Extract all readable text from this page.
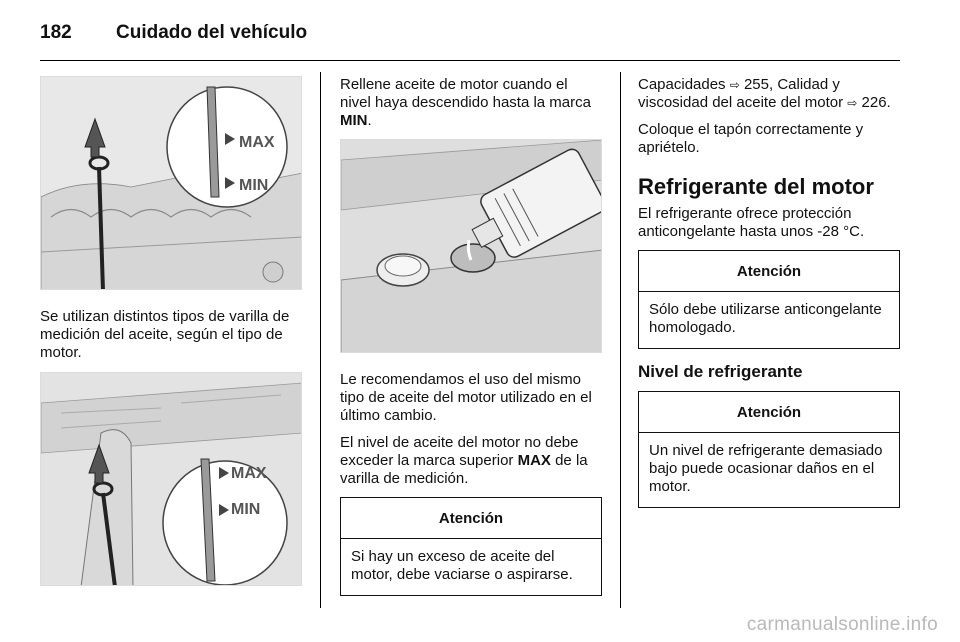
182 Cuidado del vehículo
MAX
MIN

Se utilizan distintos tipos de varilla de medición del aceite, según el tipo de motor.

MAX
MIN

Rellene aceite de motor cuando el nivel haya descendido hasta la marca MIN.

Le recomendamos el uso del mismo tipo de aceite del motor utilizado en el último cambio.

El nivel de aceite del motor no debe exceder la marca superior MAX de la varilla de medición.

Atención
Si hay un exceso de aceite del motor, debe vaciarse o aspirarse.

Capacidades ⇨ 255, Calidad y viscosidad del aceite del motor ⇨ 226.

Coloque el tapón correctamente y apriételo.

Refrigerante del motor

El refrigerante ofrece protección anticongelante hasta unos -28 °C.

Atención
Sólo debe utilizarse anticongelante homologado.
Nivel de refrigerante
Atención
Un nivel de refrigerante demasiado bajo puede ocasionar daños en el motor.
carmanualsonline.info
